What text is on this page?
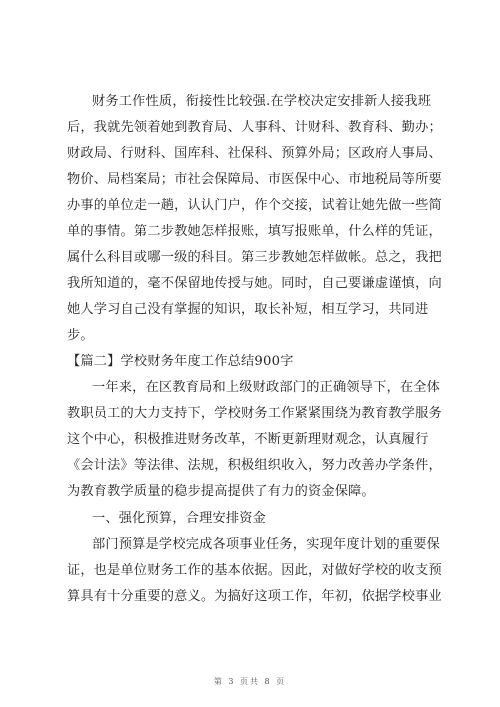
财务工作性质，衔接性比较强.在学校决定安排新人接我班
后，我就先领着她到教育局、人事科、计财科、教育科、勤办；
财政局、行财科、国库科、社保科、预算外局；区政府人事局、
物价、局档案局；市社会保障局、市医保中心、市地税局等所要
办事的单位走一趟，认认门户，作个交接，试着让她先做一些简
单的事情。第二步教她怎样报账，填写报账单，什么样的凭证，
属什么科目或哪一级的科目。第三步教她怎样做帐。总之，我把
我所知道的，毫不保留地传授与她。同时，自己要谦虚谨慎，向
她人学习自己没有掌握的知识，取长补短，相互学习，共同进
步。
【篇二】学校财务年度工作总结900字
一年来，在区教育局和上级财政部门的正确领导下，在全体
教职员工的大力支持下，学校财务工作紧紧围绕为教育教学服务
这个中心，积极推进财务改革，不断更新理财观念，认真履行
《会计法》等法律、法规，积极组织收入，努力改善办学条件，
为教育教学质量的稳步提高提供了有力的资金保障。
一、强化预算，合理安排资金
部门预算是学校完成各项事业任务，实现年度计划的重要保
证，也是单位财务工作的基本依据。因此，对做好学校的收支预
算具有十分重要的意义。为搞好这项工作，年初，依据学校事业
第 3 页共 8 页
